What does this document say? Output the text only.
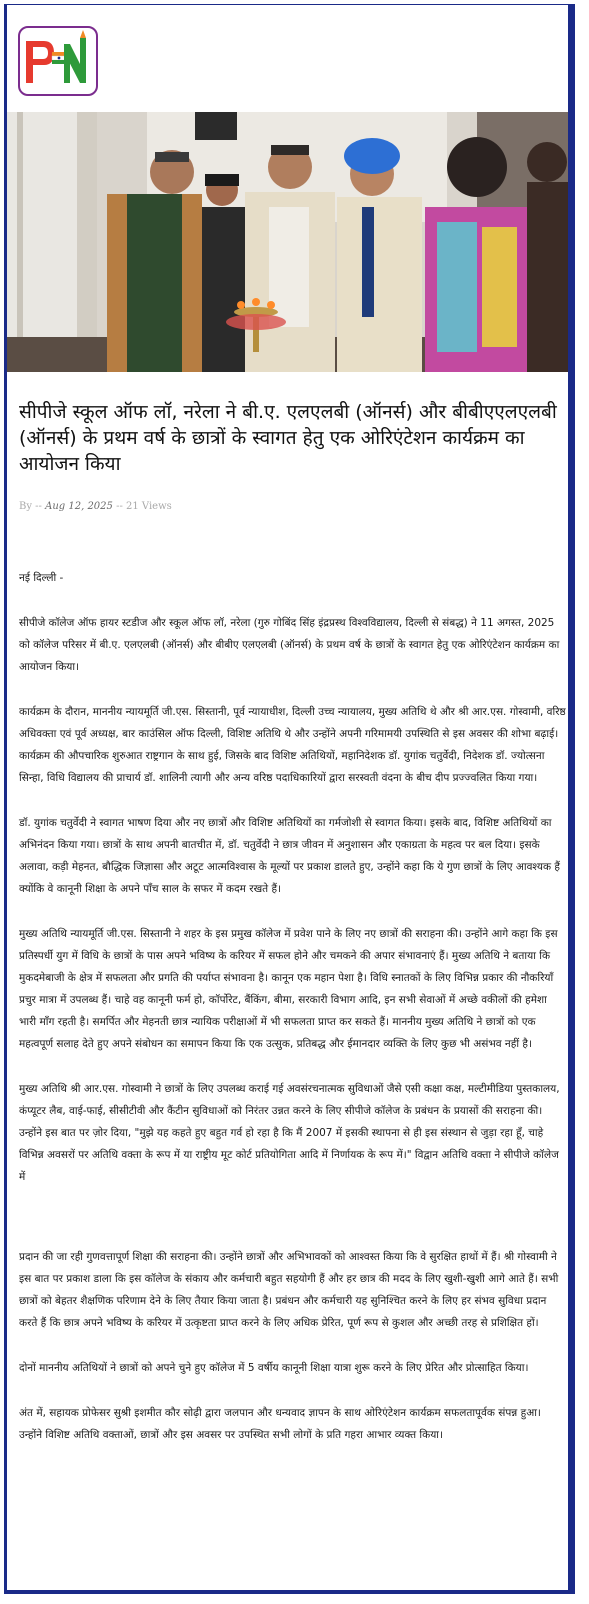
सीपीजे स्कूल ऑफ लॉ, नरेला ने बी.ए. एलएलबी (ऑनर्स) और बीबीएएलएलबी (ऑनर्स) के प्रथम वर्ष के छात्रों के स्वागत हेतु एक ओरिएंटेशन कार्यक्रम का आयोजन किया
By -- Aug 12, 2025 -- 21 Views

नई दिल्ली -

सीपीजे कॉलेज ऑफ हायर स्टडीज और स्कूल ऑफ लॉ, नरेला (गुरु गोबिंद सिंह इंद्रप्रस्थ विश्वविद्यालय, दिल्ली से संबद्ध) ने 11 अगस्त, 2025 को कॉलेज परिसर में बी.ए. एलएलबी (ऑनर्स) और बीबीए एलएलबी (ऑनर्स) के प्रथम वर्ष के छात्रों के स्वागत हेतु एक ओरिएंटेशन कार्यक्रम का आयोजन किया।

कार्यक्रम के दौरान, माननीय न्यायमूर्ति जी.एस. सिस्तानी, पूर्व न्यायाधीश, दिल्ली उच्च न्यायालय, मुख्य अतिथि थे और श्री आर.एस. गोस्वामी, वरिष्ठ अधिवक्ता एवं पूर्व अध्यक्ष, बार काउंसिल ऑफ दिल्ली, विशिष्ट अतिथि थे और उन्होंने अपनी गरिमामयी उपस्थिति से इस अवसर की शोभा बढ़ाई। कार्यक्रम की औपचारिक शुरुआत राष्ट्रगान के साथ हुई, जिसके बाद विशिष्ट अतिथियों, महानिदेशक डॉ. युगांक चतुर्वेदी, निदेशक डॉ. ज्योत्सना सिन्हा, विधि विद्यालय की प्राचार्य डॉ. शालिनी त्यागी और अन्य वरिष्ठ पदाधिकारियों द्वारा सरस्वती वंदना के बीच दीप प्रज्ज्वलित किया गया।

डॉ. युगांक चतुर्वेदी ने स्वागत भाषण दिया और नए छात्रों और विशिष्ट अतिथियों का गर्मजोशी से स्वागत किया। इसके बाद, विशिष्ट अतिथियों का अभिनंदन किया गया। छात्रों के साथ अपनी बातचीत में, डॉ. चतुर्वेदी ने छात्र जीवन में अनुशासन और एकाग्रता के महत्व पर बल दिया। इसके अलावा, कड़ी मेहनत, बौद्धिक जिज्ञासा और अटूट आत्मविश्वास के मूल्यों पर प्रकाश डालते हुए, उन्होंने कहा कि ये गुण छात्रों के लिए आवश्यक हैं क्योंकि वे कानूनी शिक्षा के अपने पाँच साल के सफर में कदम रखते हैं।

मुख्य अतिथि न्यायमूर्ति जी.एस. सिस्तानी ने शहर के इस प्रमुख कॉलेज में प्रवेश पाने के लिए नए छात्रों की सराहना की। उन्होंने आगे कहा कि इस प्रतिस्पर्धी युग में विधि के छात्रों के पास अपने भविष्य के करियर में सफल होने और चमकने की अपार संभावनाएं हैं। मुख्य अतिथि ने बताया कि मुकदमेबाजी के क्षेत्र में सफलता और प्रगति की पर्याप्त संभावना है। कानून एक महान पेशा है। विधि स्नातकों के लिए विभिन्न प्रकार की नौकरियाँ प्रचुर मात्रा में उपलब्ध हैं। चाहे वह कानूनी फर्म हो, कॉर्पोरेट, बैंकिंग, बीमा, सरकारी विभाग आदि, इन सभी सेवाओं में अच्छे वकीलों की हमेशा भारी माँग रहती है। समर्पित और मेहनती छात्र न्यायिक परीक्षाओं में भी सफलता प्राप्त कर सकते हैं। माननीय मुख्य अतिथि ने छात्रों को एक महत्वपूर्ण सलाह देते हुए अपने संबोधन का समापन किया कि एक उत्सुक, प्रतिबद्ध और ईमानदार व्यक्ति के लिए कुछ भी असंभव नहीं है।

मुख्य अतिथि श्री आर.एस. गोस्वामी ने छात्रों के लिए उपलब्ध कराई गई अवसंरचनात्मक सुविधाओं जैसे एसी कक्षा कक्ष, मल्टीमीडिया पुस्तकालय, कंप्यूटर लैब, वाई-फाई, सीसीटीवी और कैंटीन सुविधाओं को निरंतर उन्नत करने के लिए सीपीजे कॉलेज के प्रबंधन के प्रयासों की सराहना की। उन्होंने इस बात पर ज़ोर दिया, "मुझे यह कहते हुए बहुत गर्व हो रहा है कि मैं 2007 में इसकी स्थापना से ही इस संस्थान से जुड़ा रहा हूँ, चाहे विभिन्न अवसरों पर अतिथि वक्ता के रूप में या राष्ट्रीय मूट कोर्ट प्रतियोगिता आदि में निर्णायक के रूप में।" विद्वान अतिथि वक्ता ने सीपीजे कॉलेज में

प्रदान की जा रही गुणवत्तापूर्ण शिक्षा की सराहना की। उन्होंने छात्रों और अभिभावकों को आश्वस्त किया कि वे सुरक्षित हाथों में हैं। श्री गोस्वामी ने इस बात पर प्रकाश डाला कि इस कॉलेज के संकाय और कर्मचारी बहुत सहयोगी हैं और हर छात्र की मदद के लिए खुशी-खुशी आगे आते हैं। सभी छात्रों को बेहतर शैक्षणिक परिणाम देने के लिए तैयार किया जाता है। प्रबंधन और कर्मचारी यह सुनिश्चित करने के लिए हर संभव सुविधा प्रदान करते हैं कि छात्र अपने भविष्य के करियर में उत्कृष्टता प्राप्त करने के लिए अधिक प्रेरित, पूर्ण रूप से कुशल और अच्छी तरह से प्रशिक्षित हों।

दोनों माननीय अतिथियों ने छात्रों को अपने चुने हुए कॉलेज में 5 वर्षीय कानूनी शिक्षा यात्रा शुरू करने के लिए प्रेरित और प्रोत्साहित किया।

अंत में, सहायक प्रोफेसर सुश्री इशमीत कौर सोढ़ी द्वारा जलपान और धन्यवाद ज्ञापन के साथ ओरिएंटेशन कार्यक्रम सफलतापूर्वक संपन्न हुआ। उन्होंने विशिष्ट अतिथि वक्ताओं, छात्रों और इस अवसर पर उपस्थित सभी लोगों के प्रति गहरा आभार व्यक्त किया।
